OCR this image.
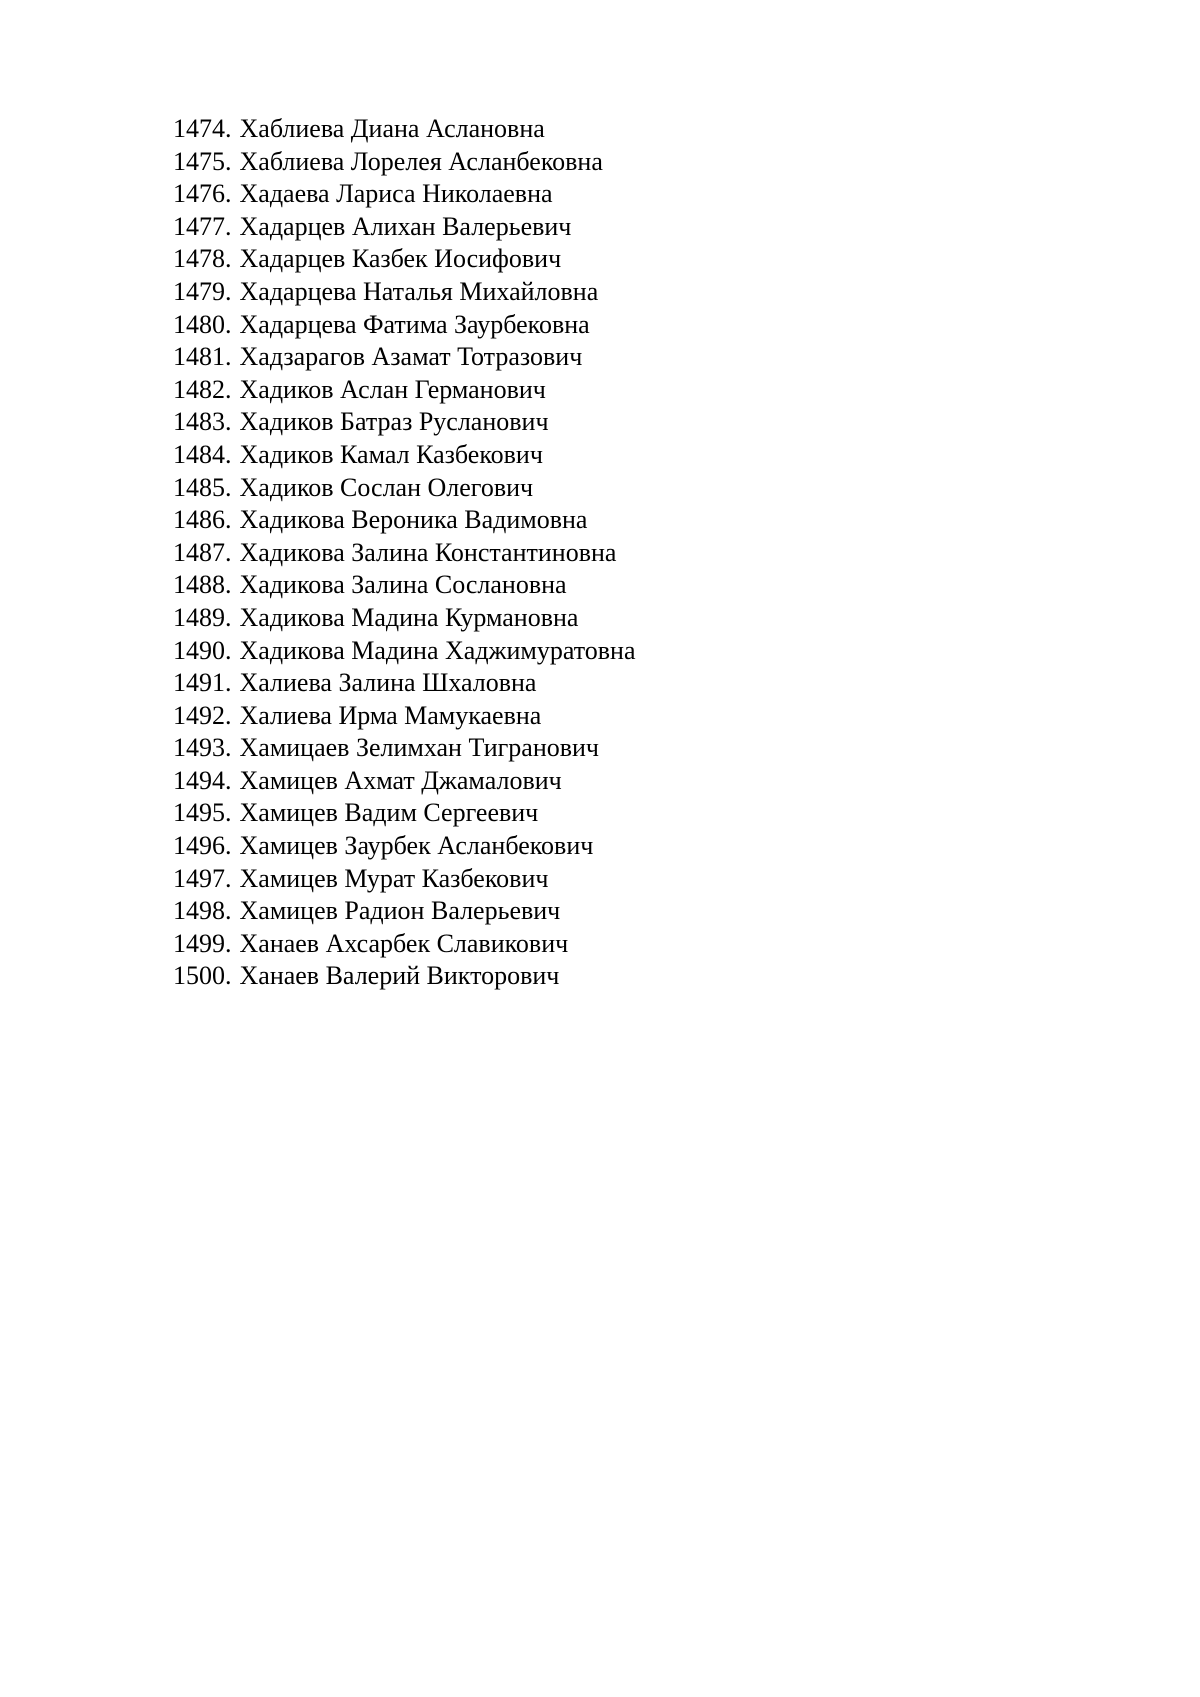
1474. Хаблиева Диана Аслановна
1475. Хаблиева Лорелея Асланбековна
1476. Хадаева Лариса Николаевна
1477. Хадарцев Алихан Валерьевич
1478. Хадарцев Казбек Иосифович
1479. Хадарцева Наталья Михайловна
1480. Хадарцева Фатима Заурбековна
1481. Хадзарагов Азамат Тотразович
1482. Хадиков Аслан Германович
1483. Хадиков Батраз Русланович
1484. Хадиков Камал Казбекович
1485. Хадиков Сослан Олегович
1486. Хадикова Вероника Вадимовна
1487. Хадикова Залина Константиновна
1488. Хадикова Залина Сослановна
1489. Хадикова Мадина Курмановна
1490. Хадикова Мадина Хаджимуратовна
1491. Халиева Залина Шхаловна
1492. Халиева Ирма Мамукаевна
1493. Хамицаев Зелимхан Тигранович
1494. Хамицев Ахмат Джамалович
1495. Хамицев Вадим Сергеевич
1496. Хамицев Заурбек Асланбекович
1497. Хамицев Мурат Казбекович
1498. Хамицев Радион Валерьевич
1499. Ханаев Ахсарбек Славикович
1500. Ханаев Валерий Викторович
